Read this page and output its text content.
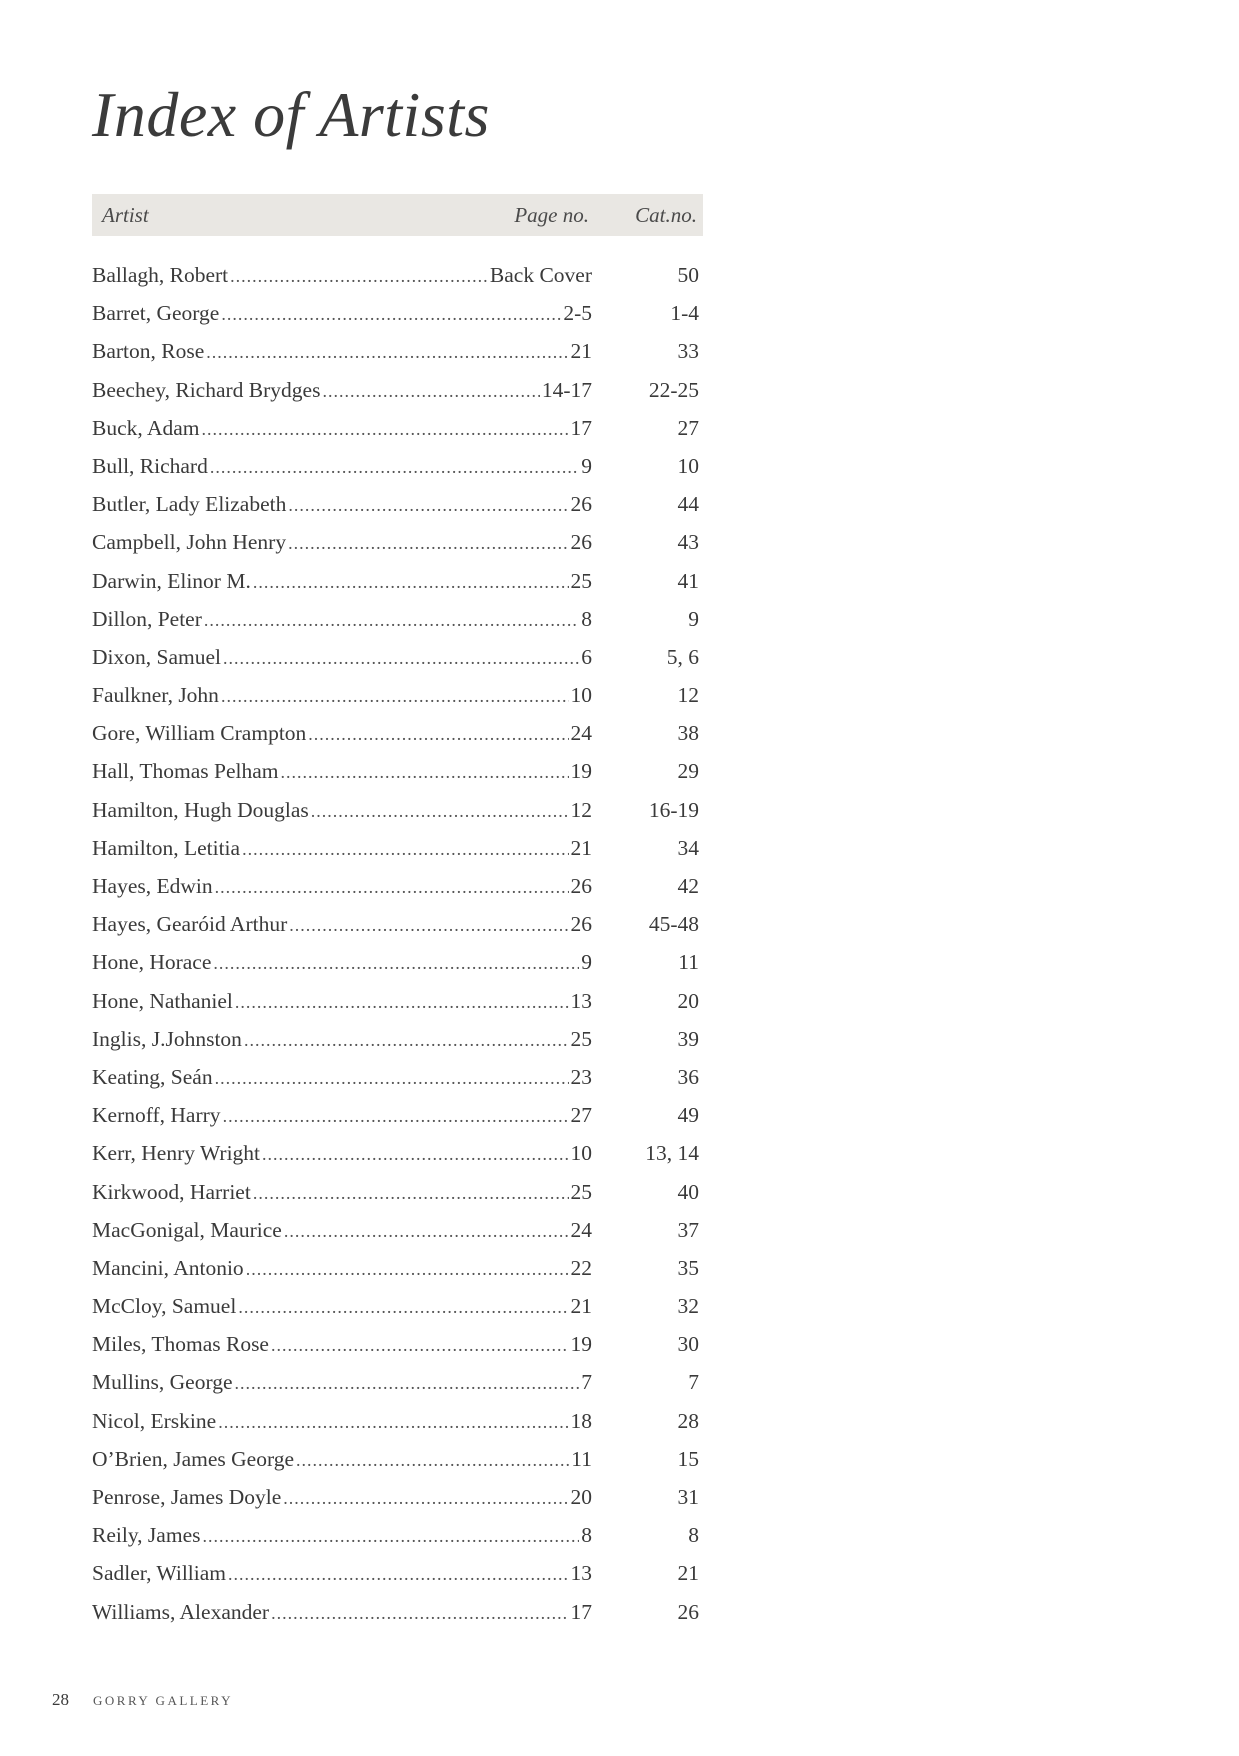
Index of Artists
Artist	Page no. Cat.no.
Ballagh, Robert .....	Back Cover	50
Barret, George .....	2-5	1-4
Barton, Rose .....	21	33
Beechey, Richard Brydges .....	14-17	22-25
Buck, Adam .....	17	27
Bull, Richard .....	9	10
Butler, Lady Elizabeth .....	26	44
Campbell, John Henry .....	26	43
Darwin, Elinor M. .....	25	41
Dillon, Peter .....	8	9
Dixon, Samuel .....	6	5, 6
Faulkner, John .....	10	12
Gore, William Crampton .....	24	38
Hall, Thomas Pelham .....	19	29
Hamilton, Hugh Douglas .....	12	16-19
Hamilton, Letitia .....	21	34
Hayes, Edwin .....	26	42
Hayes, Gearóid Arthur .....	26	45-48
Hone, Horace .....	9	11
Hone, Nathaniel .....	13	20
Inglis, J.Johnston .....	25	39
Keating, Seán .....	23	36
Kernoff, Harry .....	27	49
Kerr, Henry Wright .....	10	13, 14
Kirkwood, Harriet .....	25	40
MacGonigal, Maurice .....	24	37
Mancini, Antonio .....	22	35
McCloy, Samuel .....	21	32
Miles, Thomas Rose .....	19	30
Mullins, George .....	7	7
Nicol, Erskine .....	18	28
O’Brien, James George .....	11	15
Penrose, James Doyle .....	20	31
Reily, James .....	8	8
Sadler, William .....	13	21
Williams, Alexander .....	17	26
28 GORRY GALLERY
